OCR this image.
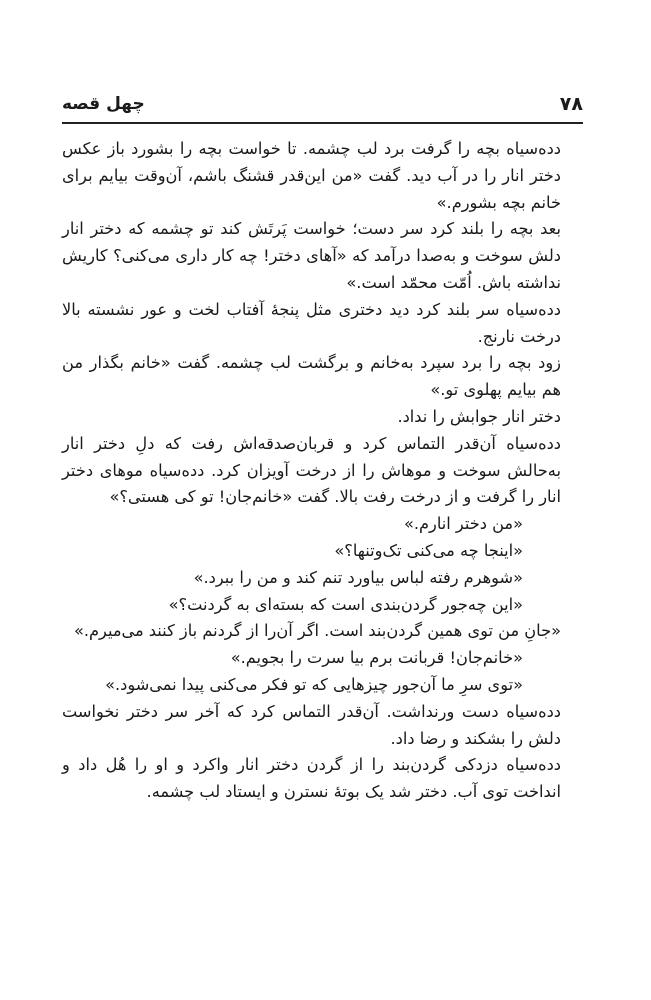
۷۸
چهل قصه

دده‌سیاه بچه را گرفت برد لب چشمه. تا خواست بچه را بشورد باز عکس دختر انار را در آب دید. گفت «من این‌قدر قشنگ باشم، آن‌وقت بیایم برای خانم بچه بشورم.»

بعد بچه را بلند کرد سر دست؛ خواست پَرتَش کند تو چشمه که دختر انار دلش سوخت و به‌صدا درآمد که «آهای دختر! چه کار داری می‌کنی؟ کاریش نداشته باش. اُمّت محمّد است.»

دده‌سیاه سر بلند کرد دید دختری مثل پنجهٔ آفتاب لخت و عور نشسته بالا درخت نارنج.

زود بچه را برد سپرد به‌خانم و برگشت لب چشمه. گفت «خانم بگذار من هم بیایم پهلوی تو.»

دختر انار جوابش را نداد.

دده‌سیاه آن‌قدر التماس کرد و قربان‌صدقه‌اش رفت که دلِ دختر انار به‌حالش سوخت و موهاش را از درخت آویزان کرد. دده‌سیاه موهای دختر انار را گرفت و از درخت رفت بالا. گفت «خانم‌جان! تو کی هستی؟»

«من دختر انارم.»

«اینجا چه می‌کنی تک‌وتنها؟»

«شوهرم رفته لباس بیاورد تنم کند و من را ببرد.»

«این چه‌جور گردن‌بندی است که بسته‌ای به گردنت؟»

«جانِ من توی همین گردن‌بند است. اگر آن‌را از گردنم باز کنند می‌میرم.»

«خانم‌جان! قربانت برم بیا سرت را بجویم.»

«توی سرِ ما آن‌جور چیزهایی که تو فکر می‌کنی پیدا نمی‌شود.»

دده‌سیاه دست ورنداشت. آن‌قدر التماس کرد که آخر سر دختر نخواست دلش را بشکند و رضا داد.

دده‌سیاه دزدکی گردن‌بند را از گردن دختر انار واکرد و او را هُل داد و انداخت توی آب. دختر شد یک بوتهٔ نسترن و ایستاد لب چشمه.
